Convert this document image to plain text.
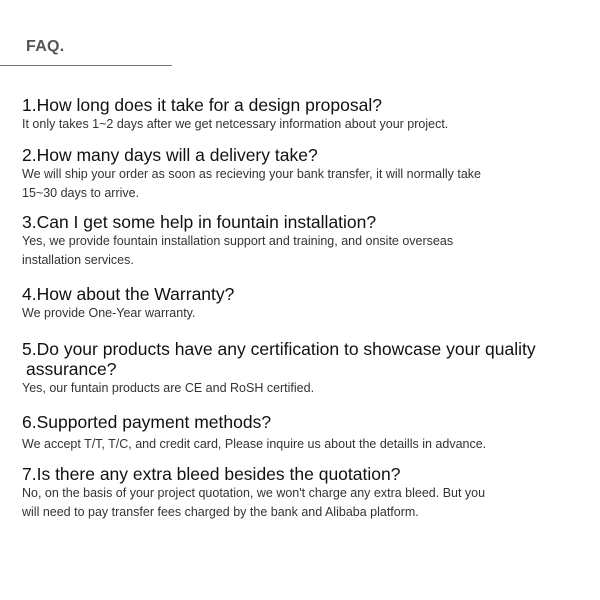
FAQ.

1.How long does it take for a design proposal?

It only takes 1~2 days after we get netcessary information about your project.

2.How many days will a delivery take?

We will ship your order as soon as recieving your bank transfer, it will normally take

15~30 days to arrive.

3.Can I get some help in fountain installation?

Yes, we provide fountain installation support and training, and onsite overseas

installation services.

4.How about the Warranty?

We provide One-Year warranty.

5.Do your products have any certification to showcase your quality
assurance?

Yes, our funtain products are CE and RoSH certified.

6.Supported payment methods?

We accept T/T, T/C, and credit card, Please inquire us about the detaills in advance.

7.Is there any extra bleed besides the quotation?

No, on the basis of your project quotation, we won't charge any extra bleed. But you

will need to pay transfer fees charged by the bank and Alibaba platform.
